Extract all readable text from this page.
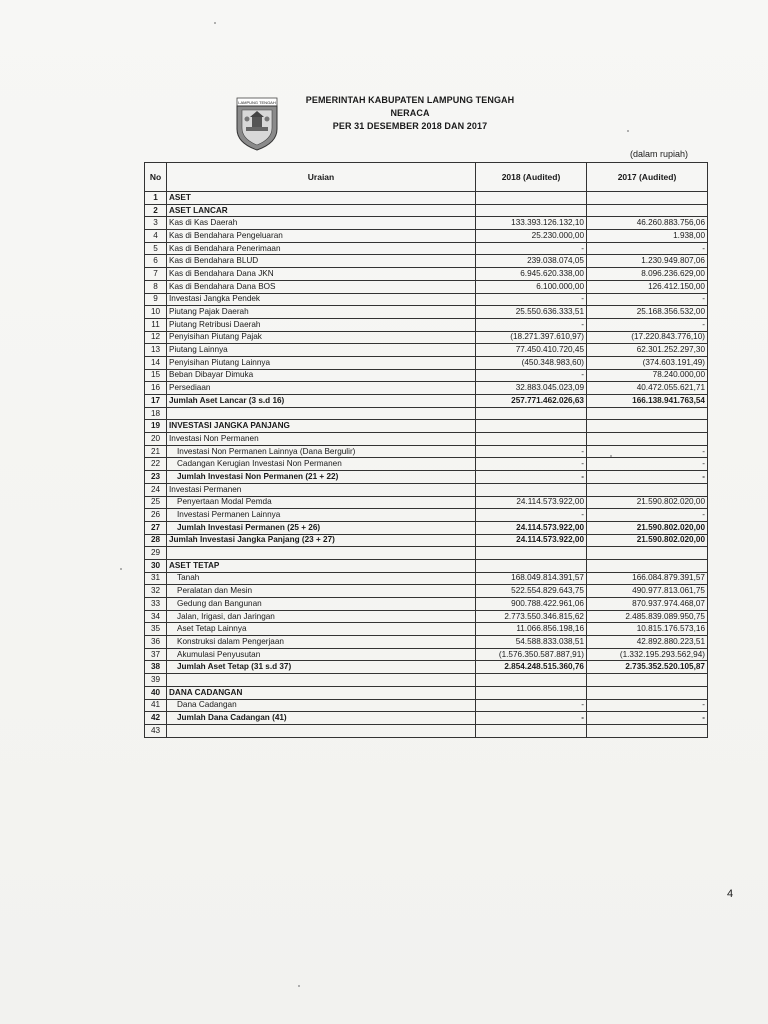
LAMPUNG TENGAH	PEMERINTAH KABUPATEN LAMPUNG TENGAH
NERACA
PER 31 DESEMBER 2018 DAN 2017
(dalam rupiah)
No	Uraian	2018 (Audited)	2017 (Audited)
1	ASET		
2	ASET LANCAR		
3	Kas di Kas Daerah	133.393.126.132,10	46.260.883.756,06
4	Kas di Bendahara Pengeluaran	25.230.000,00	1.938,00
5	Kas di Bendahara Penerimaan	-	-
6	Kas di Bendahara BLUD	239.038.074,05	1.230.949.807,06
7	Kas di Bendahara Dana JKN	6.945.620.338,00	8.096.236.629,00
8	Kas di Bendahara Dana BOS	6.100.000,00	126.412.150,00
9	Investasi Jangka Pendek	-	-
10	Piutang Pajak Daerah	25.550.636.333,51	25.168.356.532,00
11	Piutang Retribusi Daerah	-	-
12	Penyisihan Piutang Pajak	(18.271.397.610,97)	(17.220.843.776,10)
13	Piutang Lainnya	77.450.410.720,45	62.301.252.297,30
14	Penyisihan Piutang Lainnya	(450.348.983,60)	(374.603.191,49)
15	Beban Dibayar Dimuka	-	78.240.000,00
16	Persediaan	32.883.045.023,09	40.472.055.621,71
17	Jumlah Aset Lancar (3 s.d 16)	257.771.462.026,63	166.138.941.763,54
18			
19	INVESTASI JANGKA PANJANG		
20	Investasi Non Permanen		
21	Investasi Non Permanen Lainnya (Dana Bergulir)	-	-
22	Cadangan Kerugian Investasi Non Permanen	-	-
23	Jumlah Investasi Non Permanen (21 + 22)	-	-
24	Investasi Permanen		
25	Penyertaan Modal Pemda	24.114.573.922,00	21.590.802.020,00
26	Investasi Permanen Lainnya	-	-
27	Jumlah Investasi Permanen (25 + 26)	24.114.573.922,00	21.590.802.020,00
28	Jumlah Investasi Jangka Panjang (23 + 27)	24.114.573.922,00	21.590.802.020,00
29			
30	ASET TETAP		
31	Tanah	168.049.814.391,57	166.084.879.391,57
32	Peralatan dan Mesin	522.554.829.643,75	490.977.813.061,75
33	Gedung dan Bangunan	900.788.422.961,06	870.937.974.468,07
34	Jalan, Irigasi, dan Jaringan	2.773.550.346.815,62	2.485.839.089.950,75
35	Aset Tetap Lainnya	11.066.856.198,16	10.815.176.573,16
36	Konstruksi dalam Pengerjaan	54.588.833.038,51	42.892.880.223,51
37	Akumulasi Penyusutan	(1.576.350.587.887,91)	(1.332.195.293.562,94)
38	Jumlah Aset Tetap (31 s.d 37)	2.854.248.515.360,76	2.735.352.520.105,87
39			
40	DANA CADANGAN		
41	Dana Cadangan	-	-
42	Jumlah Dana Cadangan (41)	-	-
43			
4
